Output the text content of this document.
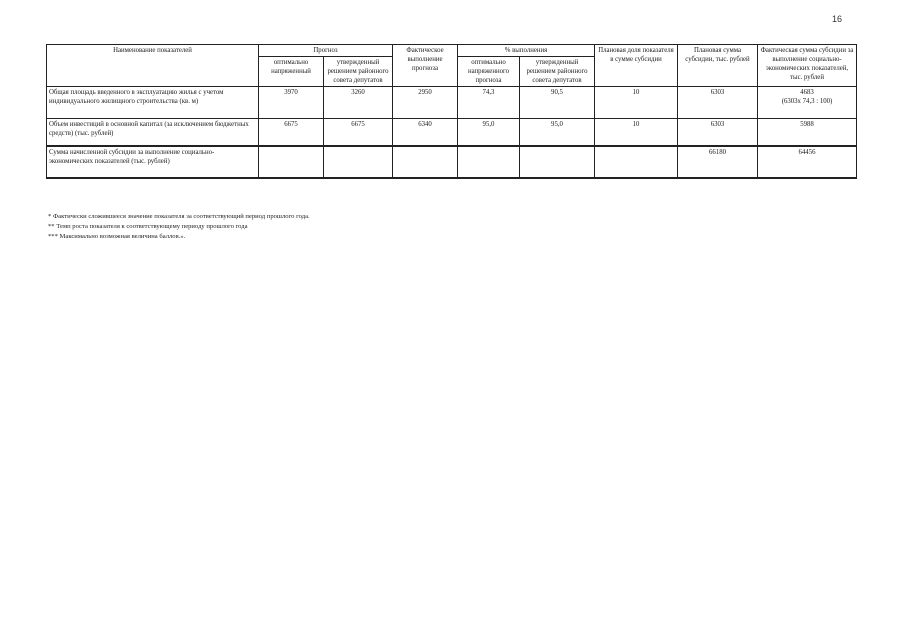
16
Наименование показателей	Прогноз		Фактическое выполнение прогноза	% выполнения		Плановая доля показателя в сумме субсидии	Плановая сумма субсидии, тыс. рублей	Фактическая сумма субсидии за выполнение социально-экономических показателей, тыс. рублей
	оптимально напряженный	утвержденный решением районного совета депутатов		оптимально напряженного прогноза	утвержденный решением районного совета депутатов			
Общая площадь введенного в эксплуатацию жилья с учетом индивидуального жилищного строительства (кв. м)	3970	3260	2950	74,3	90,5	10	6303	4683
(6303х 74,3 : 100)

Объем инвестиций в основной капитал (за исключением бюджетных средств) (тыс. рублей)	6675	6675	6340	95,0	95,0	10	6303	5988
Сумма начисленной субсидии за выполнение социально-экономических показателей (тыс. рублей)							66180	64456
* Фактически сложившееся значение показателя за соответствующий период прошлого года.
** Темп роста показателя к соответствующему периоду прошлого года
*** Максимально возможная величина баллов.».
